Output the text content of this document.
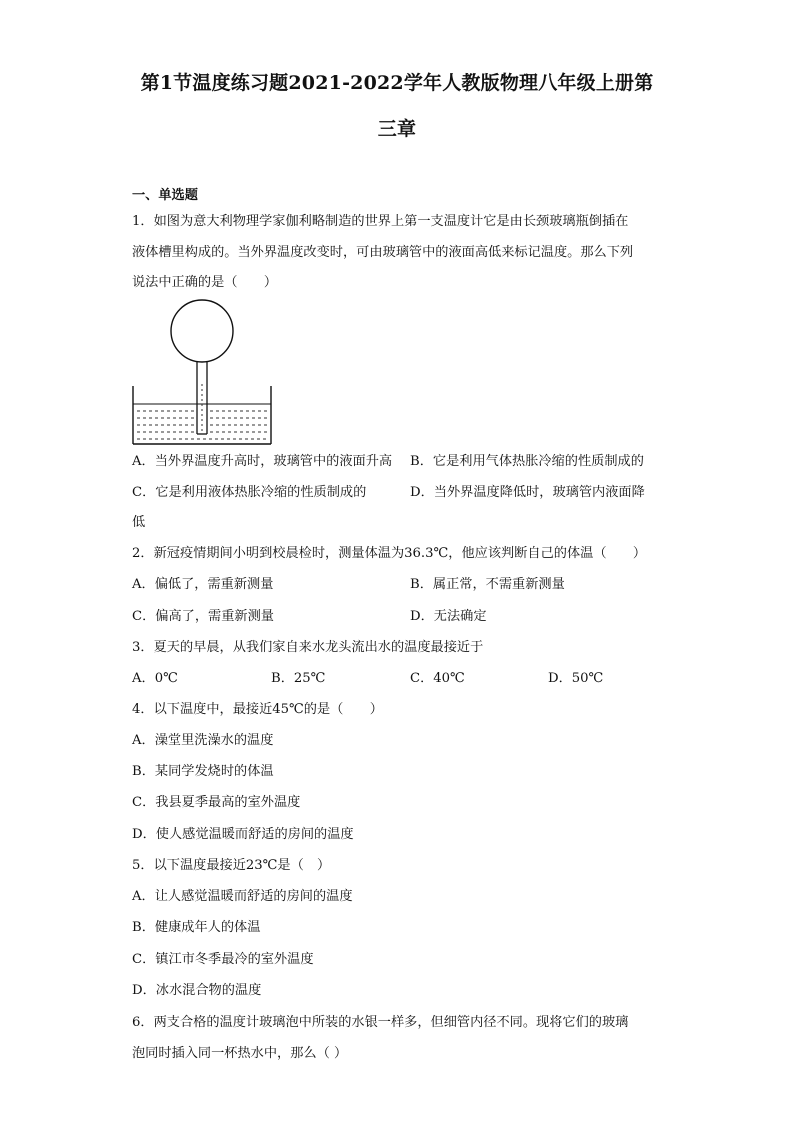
第1节温度练习题2021-2022学年人教版物理八年级上册第
三章
一、单选题
1．如图为意大利物理学家伽利略制造的世界上第一支温度计它是由长颈玻璃瓶倒插在
液体槽里构成的。当外界温度改变时，可由玻璃管中的液面高低来标记温度。那么下列
说法中正确的是（　　）
A．当外界温度升高时，玻璃管中的液面升高 B．它是利用气体热胀冷缩的性质制成的
C．它是利用液体热胀冷缩的性质制成的	D．当外界温度降低时，玻璃管内液面降
低
2．新冠疫情期间小明到校晨检时，测量体温为36.3℃，他应该判断自己的体温（　　）
A．偏低了，需重新测量	B．属正常，不需重新测量
C．偏高了，需重新测量	D．无法确定
3．夏天的早晨，从我们家自来水龙头流出水的温度最接近于
A．0℃	B．25℃	C．40℃	D．50℃
4．以下温度中，最接近45℃的是（　　）
A．澡堂里洗澡水的温度
B．某同学发烧时的体温
C．我县夏季最高的室外温度
D．使人感觉温暖而舒适的房间的温度
5．以下温度最接近23℃是（　）
A．让人感觉温暖而舒适的房间的温度
B．健康成年人的体温
C．镇江市冬季最冷的室外温度
D．冰水混合物的温度
6．两支合格的温度计玻璃泡中所装的水银一样多，但细管内径不同。现将它们的玻璃
泡同时插入同一杯热水中，那么（ ）
